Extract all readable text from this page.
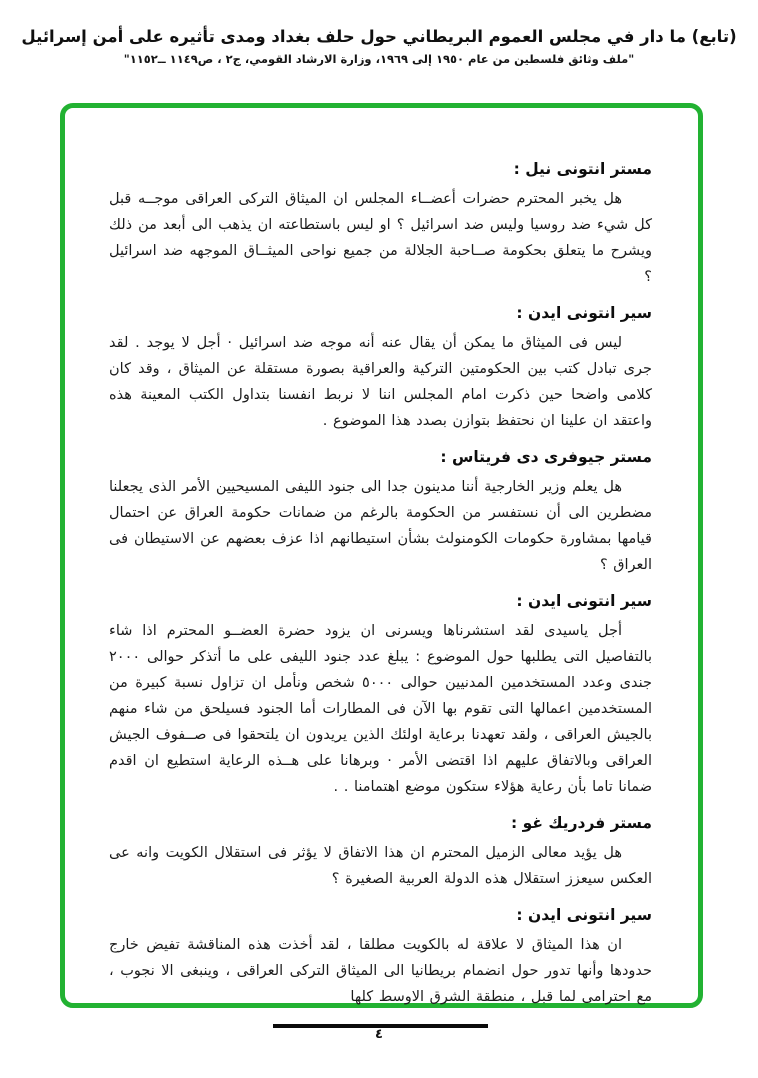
(تابع) ما دار في مجلس العموم البريطاني حول حلف بغداد ومدى تأثيره على أمن إسرائيل
"ملف وثائق فلسطين من عام ١٩٥٠ إلى ١٩٦٩، وزارة الارشاد القومي، ج٢ ، ص١١٤٩ ــ١١٥٢"
مستر انتونى نيل :

هل يخبر المحترم حضرات أعضــاء المجلس ان الميثاق التركى العراقى موجــه قبل كل شيء ضد روسيا وليس ضد اسرائيل ؟ او ليس باستطاعته ان يذهب الى أبعد من ذلك ويشرح ما يتعلق بحكومة صــاحبة الجلالة من جميع نواحى الميثــاق الموجهه ضد اسرائيل ؟

سير انتونى ايدن :

ليس فى الميثاق ما يمكن أن يقال عنه أنه موجه ضد اسرائيل · أجل لا يوجد . لقد جرى تبادل كتب بين الحكومتين التركية والعراقية بصورة مستقلة عن الميثاق ، وقد كان كلامى واضحا حين ذكرت امام المجلس اننا لا نربط انفسنا بتداول الكتب المعينة هذه واعتقد ان علينا ان نحتفظ بتوازن بصدد هذا الموضوع .

مستر جيوفرى دى فريتاس :

هل يعلم وزير الخارجية أننا مدينون جدا الى جنود الليفى المسيحيين الأمر الذى يجعلنا مضطرين الى أن نستفسر من الحكومة بالرغم من ضمانات حكومة العراق عن احتمال قيامها بمشاورة حكومات الكومنولث بشأن استيطانهم اذا عزف بعضهم عن الاستيطان فى العراق ؟

سير انتونى ايدن :

أجل ياسيدى لقد استشرناها ويسرنى ان يزود حضرة العضــو المحترم اذا شاء بالتفاصيل التى يطلبها حول الموضوع : يبلغ عدد جنود الليفى على ما أتذكر حوالى ٢٠٠٠ جندى وعدد المستخدمين المدنيين حوالى ٥٠٠٠ شخص ونأمل ان تزاول نسبة كبيرة من المستخدمين اعمالها التى تقوم بها الآن فى المطارات أما الجنود فسيلحق من شاء منهم بالجيش العراقى ، ولقد تعهدنا برعاية اولئك الذين يريدون ان يلتحقوا فى صــفوف الجيش العراقى وبالاتفاق عليهم اذا اقتضى الأمر · وبرهانا على هــذه الرعاية استطيع ان اقدم ضمانا تاما بأن رعاية هؤلاء ستكون موضع اهتمامنا . .

مستر فردريك غو :

هل يؤيد معالى الزميل المحترم ان هذا الاتفاق لا يؤثر فى استقلال الكويت وانه عى العكس سيعزز استقلال هذه الدولة العربية الصغيرة ؟

سير انتونى ايدن :

ان هذا الميثاق لا علاقة له بالكويت مطلقا ، لقد أخذت هذه المناقشة تفيض خارج حدودها وأنها تدور حول انضمام بريطانيا الى الميثاق التركى العراقى ، وينبغى الا نجوب ، مع احترامى لما قبل ، منطقة الشرق الاوسط كلها

٤
